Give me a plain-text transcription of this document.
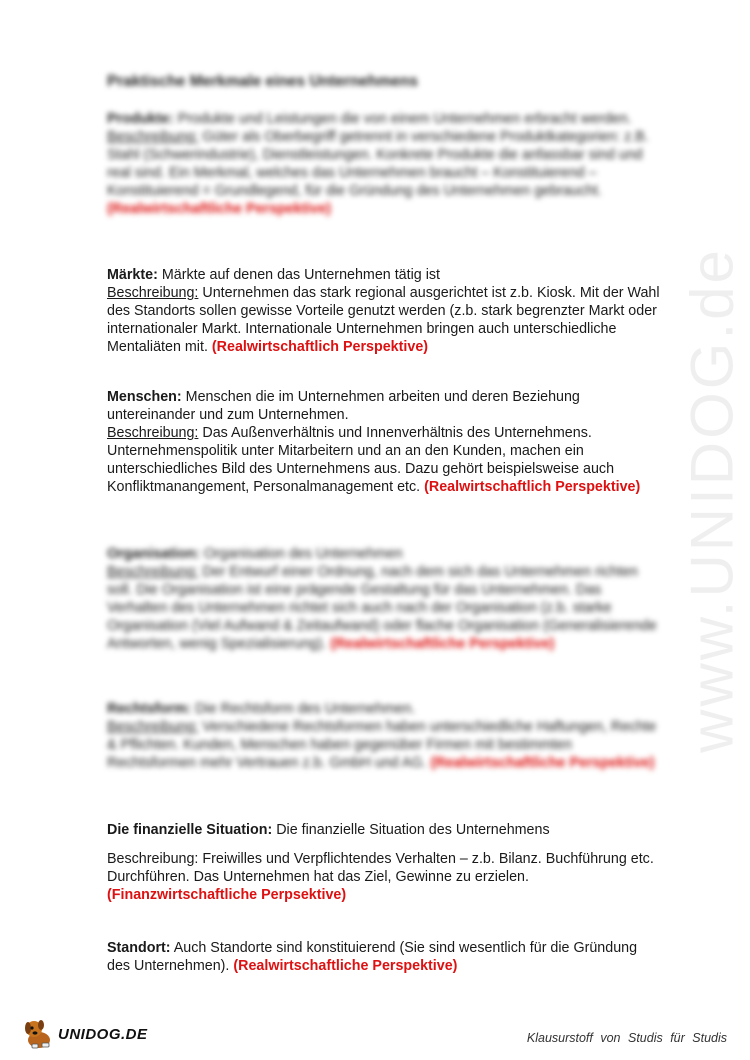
www.UNIDOG.de
Praktische Merkmale eines Unternehmens

Produkte: Produkte und Leistungen die von einem Unternehmen erbracht werden.

Beschreibung: Güter als Oberbegriff getrennt in verschiedene Produktkategorien: z.B. Stahl (Schwerindustrie), Dienstleistungen. Konkrete Produkte die anfassbar sind und real sind. Ein Merkmal, welches das Unternehmen braucht – Konstituierend – Konstituierend = Grundlegend, für die Gründung des Unternehmen gebraucht. (Realwirtschaftliche Perspektive)

Märkte: Märkte auf denen das Unternehmen tätig ist

Beschreibung: Unternehmen das stark regional ausgerichtet ist z.b. Kiosk. Mit der Wahl des Standorts sollen gewisse Vorteile genutzt werden (z.b. stark begrenzter Markt oder internationaler Markt. Internationale Unternehmen bringen auch unterschiedliche Mentaliäten mit. (Realwirtschaftlich Perspektive)

Menschen: Menschen die im Unternehmen arbeiten und deren Beziehung untereinander und zum Unternehmen.

Beschreibung: Das Außenverhältnis und Innenverhältnis des Unternehmens. Unternehmenspolitik unter Mitarbeitern und an an den Kunden, machen ein unterschiedliches Bild des Unternehmens aus. Dazu gehört beispielsweise auch Konfliktmanangement, Personalmanagement etc. (Realwirtschaftlich Perspektive)

Organisation: Organisation des Unternehmen

Beschreibung: Der Entwurf einer Ordnung, nach dem sich das Unternehmen richten soll. Die Organisation ist eine prägende Gestaltung für das Unternehmen. Das Verhalten des Unternehmen richtet sich auch nach der Organisation (z.b. starke Organisation (Viel Aufwand & Zeitaufwand) oder flache Organisation (Generalisierende Antworten, wenig Spezialisierung). (Realwirtschaftliche Perspektive)

Rechtsform: Die Rechtsform des Unternehmen.

Beschreibung: Verschiedene Rechtsformen haben unterschiedliche Haftungen, Rechte & Pflichten. Kunden, Menschen haben gegenüber Firmen mit bestimmten Rechtsformen mehr Vertrauen z.b. GmbH und AG. (Realwirtschaftliche Perspektive)

Die finanzielle Situation: Die finanzielle Situation des Unternehmens

Beschreibung: Freiwilles und Verpflichtendes Verhalten – z.b. Bilanz. Buchführung etc. Durchführen. Das Unternehmen hat das Ziel, Gewinne zu erzielen.
(Finanzwirtschaftliche Perpsektive)

Standort: Auch Standorte sind konstituierend (Sie sind wesentlich für die Gründung des Unternehmen). (Realwirtschaftliche Perspektive)

UNIDOG.DE	Klausurstoff von Studis für Studis
